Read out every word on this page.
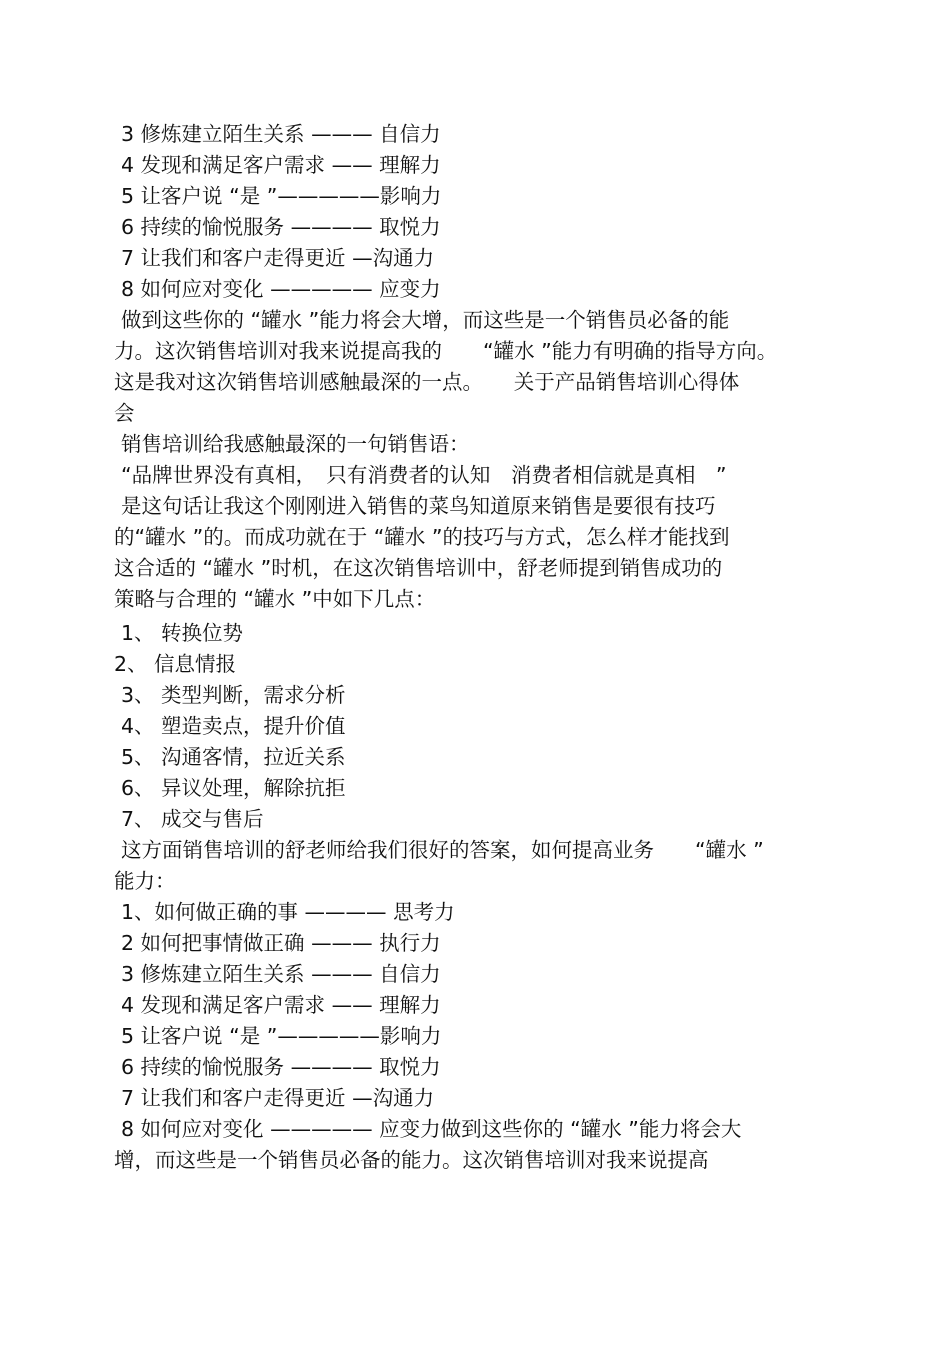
3 修炼建立陌生关系 ——— 自信力
4 发现和满足客户需求 —— 理解力
5 让客户说 “是 ”—————影响力
6 持续的愉悦服务 ———— 取悦力
7 让我们和客户走得更近 —沟通力
8 如何应对变化 ————— 应变力
做到这些你的 “罐水 ”能力将会大增，而这些是一个销售员必备的能
力。这次销售培训对我来说提高我的　　“罐水 ”能力有明确的指导方向。
这是我对这次销售培训感触最深的一点。　　关于产品销售培训心得体
会
销售培训给我感触最深的一句销售语：
“品牌世界没有真相，　只有消费者的认知　消费者相信就是真相　”
是这句话让我这个刚刚进入销售的菜鸟知道原来销售是要很有技巧
的“罐水 ”的。而成功就在于 “罐水 ”的技巧与方式，怎么样才能找到
这合适的 “罐水 ”时机，在这次销售培训中，舒老师提到销售成功的
策略与合理的 “罐水 ”中如下几点：
1、 转换位势
2、 信息情报
3、 类型判断，需求分析
4、 塑造卖点，提升价值
5、 沟通客情，拉近关系
6、 异议处理，解除抗拒
7、 成交与售后
这方面销售培训的舒老师给我们很好的答案，如何提高业务　　“罐水 ”
能力：
1、如何做正确的事 ———— 思考力
2 如何把事情做正确 ——— 执行力
3 修炼建立陌生关系 ——— 自信力
4 发现和满足客户需求 —— 理解力
5 让客户说 “是 ”—————影响力
6 持续的愉悦服务 ———— 取悦力
7 让我们和客户走得更近 —沟通力
8 如何应对变化 ————— 应变力做到这些你的 “罐水 ”能力将会大
增，而这些是一个销售员必备的能力。这次销售培训对我来说提高
